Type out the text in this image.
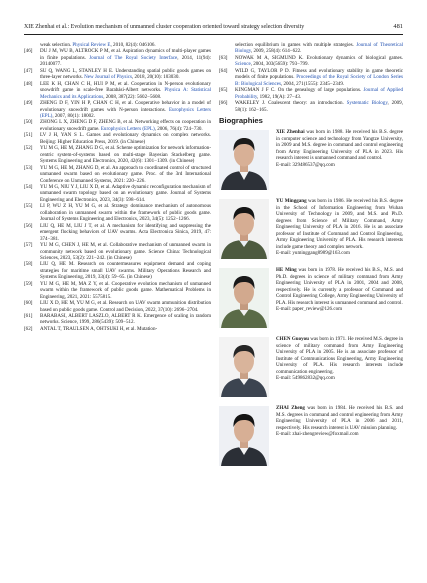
XIE Zhenhai et al.: Evolution mechanism of unmanned cluster cooperation oriented toward strategy selection diversity	481
weak selection. Physical Review E, 2010, 82(4): 046106.
[46]	DU J M, WU B, ALTROCK P M, et al. Aspiration dynamics of multi-player games in finite populations. Journal of The Royal Society Interface, 2014, 11(94): 20140077.
[47]	SU Q, WANG L, STANLEY H E. Understanding spatial public goods games on three-layer networks. New Journal of Physics, 2018, 20(10): 103030.
[48]	LEE K H, CHAN C H, HUI P M, et al. Cooperation in N-person evolutionary snowdrift game in scale-free Barabási-Albert networks. Physica A: Statistical Mechanics and its Applications, 2008, 387(22): 5602−5608.
[49]	ZHENG D F, YIN H P, CHAN C H, et al. Cooperative behavior in a model of evolutionary snowdrift games with N-person interactions. Europhysics Letters (EPL), 2007, 80(1): 18002.
[50]	ZHONG L X, ZHENG D F, ZHENG B, et al. Networking effects on cooperation in evolutionary snowdrift game. Europhysics Letters (EPL), 2006, 76(4): 724−730.
[51]	LV J H, YAN S L. Games and evolutionary dynamics on complex networks. Beijing: Higher Education Press, 2019. (in Chinese)
[52]	YU M G, HE M, ZHANG D G, et al. Scheme optimization for network information-centric system-of-systems based on multi-stage Bayesian Stackelberg game. Systems Engineering and Electronics, 2020, 42(6): 1301−1309. (in Chinese)
[53]	YU M G, HE M, ZHANG D, et al. An approach to coordinated control of structured unmanned swarm based on evolutionary game. Proc. of the 3rd International Conference on Unmanned Systems, 2021: 220−226.
[54]	YU M G, NIU Y J, LIU X D, et al. Adaptive dynamic reconfiguration mechanism of unmanned swarm topology based on an evolutionary game. Journal of Systems Engineering and Electronics, 2023, 34(3): 598−614.
[55]	LI P, WU Z H, YU M G, et al. Strategy dominance mechanism of autonomous collaboration in unmanned swarm within the framework of public goods game. Journal of Systems Engineering and Electronics, 2023, 34(5): 1252−1266.
[56]	LIU Q, HE M, LIU J T, et al. A mechanism for identifying and suppressing the emergent flocking behaviors of UAV swarms. Acta Electronica Sinica, 2019, 47: 374−381.
[57]	YU M G, CHEN J, HE M, et al. Collaborative mechanism of unmanned swarm in community network based on evolutionary game. Science China: Technological Sciences, 2023, 53(2): 221−242. (in Chinese)
[58]	LIU Q, HE M. Research on countermeasures equipment demand and coping strategies for maritime small UAV swarms. Military Operations Research and Systems Engineering, 2019, 33(4): 59−65. (in Chinese)
[59]	YU M G, HE M, MA Z Y, et al. Cooperative evolution mechanism of unmanned swarm within the framework of public goods game. Mathematical Problems in Engineering, 2021, 2021: 5575815.
[60]	LIU X D, HE M, YU M G, et al. Research on UAV swarm ammunition distribution based on public goods game. Control and Decision, 2022, 37(10): 2696−2704.
[61]	BARABASI, ALBERT LASZLO, ALBERT R K. Emergence of scaling in random networks. Science, 1999, 286(5439): 509−512.
[62]	ANTAL T, TRAULSEN A, OHTSUKI H, et al. Mutation-
selection equilibrium in games with multiple strategies. Journal of Theoretical Biology, 2009, 258(4): 614−622.
[63]	NOWAK M A, SIGMUND K. Evolutionary dynamics of biological games. Science, 2004, 303(5659): 793−799.
[64]	WILD G, TAYLOR P D. Fitness and evolutionary stability in game theoretic models of finite populations. Proceedings of the Royal Society of London Series B: Biological Sciences, 2004, 271(1555): 2345−2349.
[65]	KINGMAN J F C. On the genealogy of large populations. Journal of Applied Probability, 1982, 19(A): 27−43.
[66]	WAKELEY J. Coalescent theory: an introduction. Systematic Biology, 2009, 58(1): 162−165.
Biographies

XIE Zhenhai was born in 1988. He received his B.S. degree in computer science and technology from Yangtze University, in 2009 and M.S. degree in command and control engineering from Army Engineering University of PLA in 2023. His research interest is unmanned command and control.
E-mail: 329486537@qq.com

YU Minggang was born in 1986. He received his B.S. degree in the School of Information Engineering from Wuhan University of Technology in 2009, and M.S. and Ph.D. degrees from Science of Military Command, Army Engineering University of PLA in 2016. He is an associate professor of Institute of Command and Control Engineering, Army Engineering University of PLA. His research interests include game theory and complex network.
E-mail: yuminggang8989@163.com

HE Ming was born in 1978. He received his B.S., M.S. and Ph.D. degrees in science of military command from Army Engineering University of PLA in 2001, 2004 and 2008, respectively. He is currently a professor of Command and Control Engineering College, Army Engineering University of PLA. His research interest is unmanned command and control.
E-mail: paper_review@126.com

CHEN Guoyou was born in 1971. He received M.S. degree in science of military command from Army Engineering University of PLA in 2005. He is an associate professor of Institute of Communications Engineering, Army Engineering University of PLA. His research interests include communication engineering.
E-mail: 549862832@qq.com

ZHAI Zheng was born in 1984. He received his B.S. and M.S. degrees in command and control engineering from Army Engineering University of PLA in 2006 and 2011, respectively. His research interest is UAV mission planning.
E-mail: zhai-zhengreview@foxmail.com
